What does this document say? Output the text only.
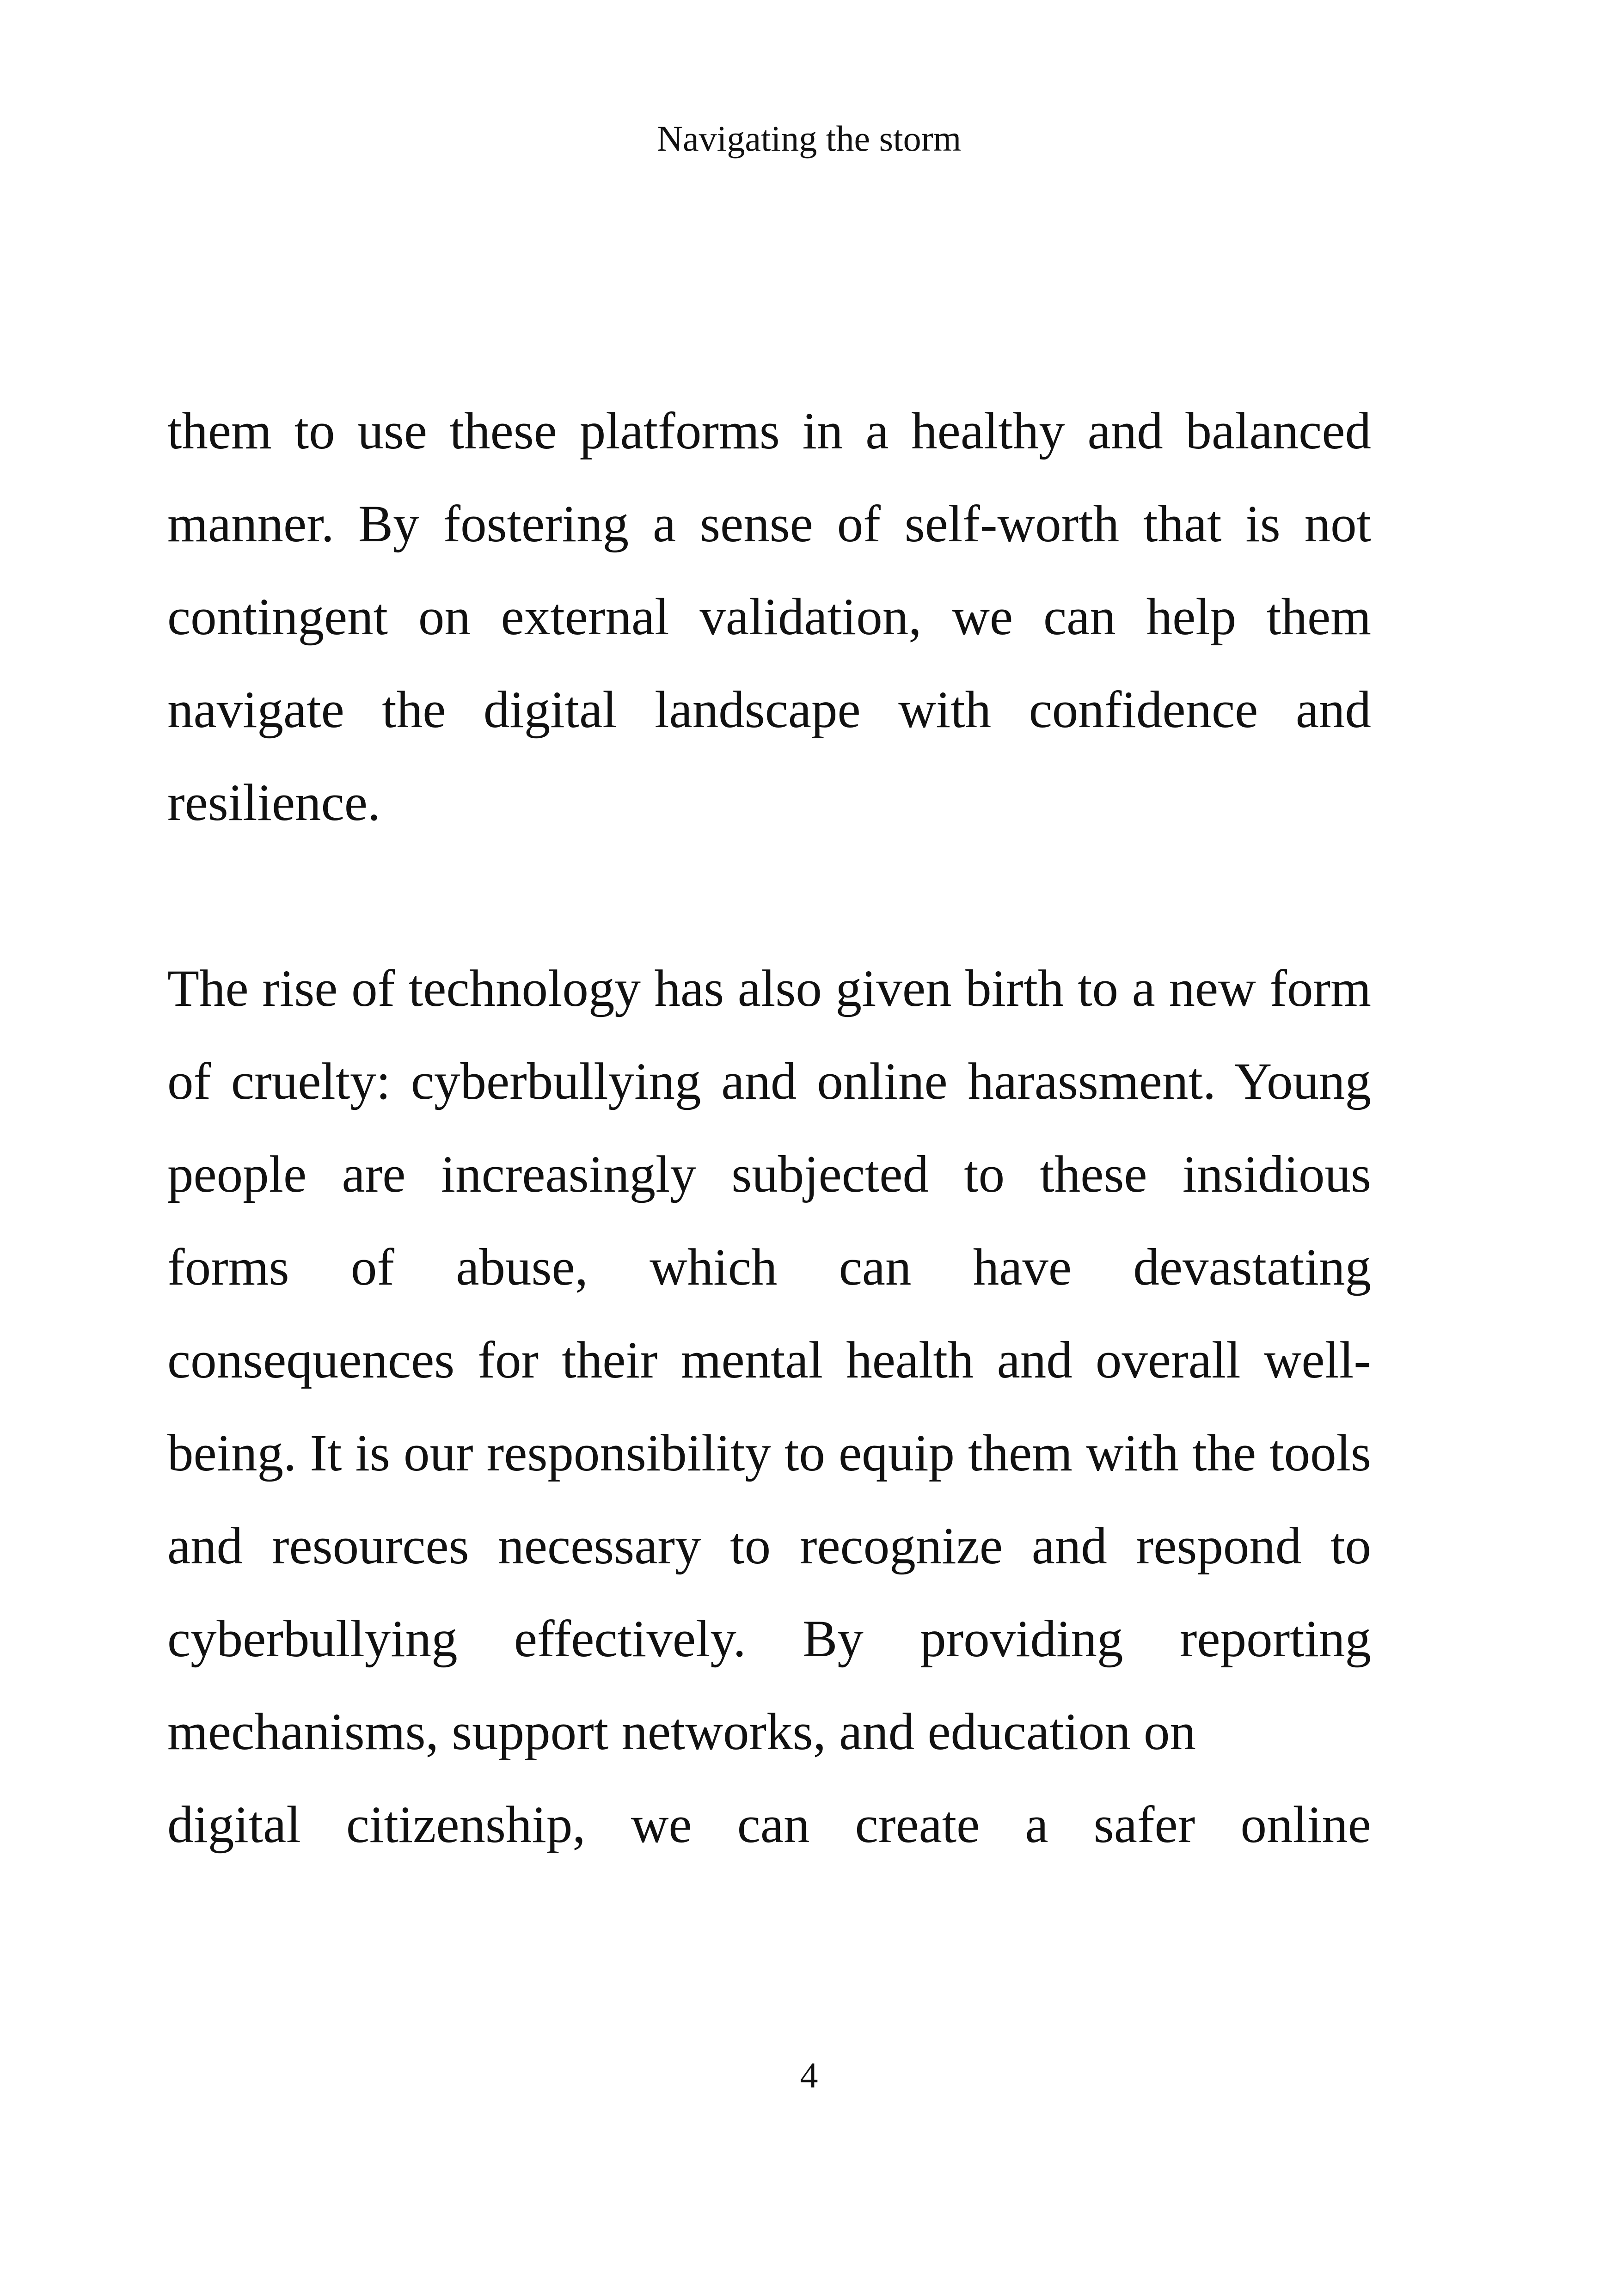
Navigating the storm

them to use these platforms in a healthy and balanced manner. By fostering a sense of self-worth that is not contingent on external validation, we can help them navigate the digital landscape with confidence and resilience.

The rise of technology has also given birth to a new form of cruelty: cyberbullying and online harassment. Young people are increasingly subjected to these insidious forms of abuse, which can have devastating consequences for their mental health and overall well-being. It is our responsibility to equip them with the tools and resources necessary to recognize and respond to cyberbullying effectively. By providing reporting mechanisms, support networks, and education on

digital citizenship, we can create a safer online
4
